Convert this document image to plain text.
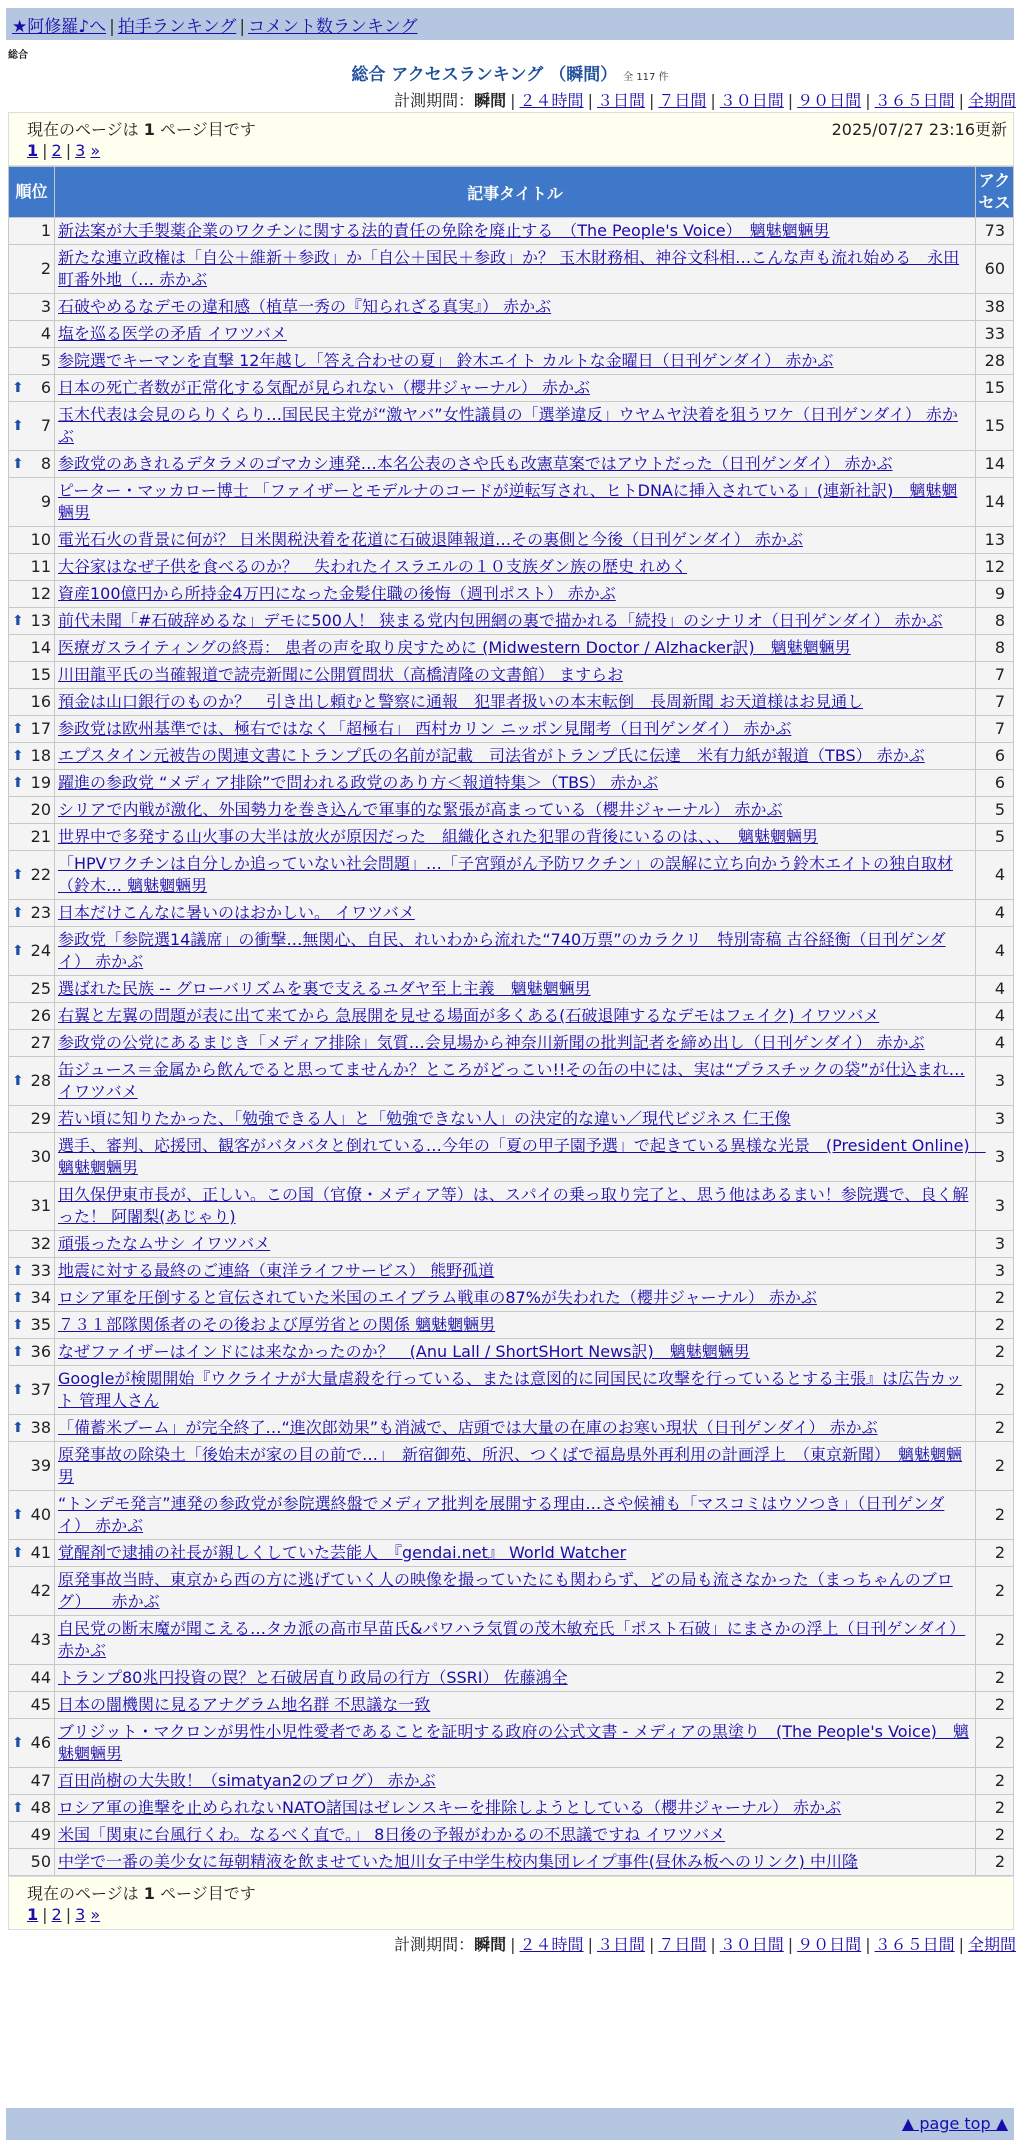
★阿修羅♪へ | 拍手ランキング | コメント数ランキング
総合
総合 アクセスランキング （瞬間） 全 117 件
計測期間：瞬間 | ２４時間 | ３日間 | ７日間 | ３０日間 | ９０日間 | ３６５日間 | 全期間
現在のページは 1 ページ目です	2025/07/27 23:16更新
1 | 2 | 3 »
順位	記事タイトル	アクセス
1	新法案が大手製薬企業のワクチンに関する法的責任の免除を廃止する　（The People's Voice）　魑魅魍魎男	73
2	新たな連立政権は「自公＋維新＋参政」か「自公＋国民＋参政」か？ 玉木財務相、神谷文科相…こんな声も流れ始める　永田町番外地（… 赤かぶ	60
3	石破やめるなデモの違和感（植草一秀の『知られざる真実』） 赤かぶ	38
4	塩を巡る医学の矛盾 イワツバメ	33
5	参院選でキーマンを直撃 12年越し「答え合わせの夏」 鈴木エイト カルトな金曜日（日刊ゲンダイ） 赤かぶ	28

⬆ 6	日本の死亡者数が正常化する気配が見られない（櫻井ジャーナル） 赤かぶ	15

⬆ 7	玉木代表は会見のらりくらり…国民民主党が“激ヤバ”女性議員の「選挙違反」ウヤムヤ決着を狙うワケ（日刊ゲンダイ） 赤かぶ	15

⬆ 8	参政党のあきれるデタラメのゴマカシ連発…本名公表のさや氏も改憲草案ではアウトだった（日刊ゲンダイ） 赤かぶ	14
9	ピーター・マッカロー博士 「ファイザーとモデルナのコードが逆転写され、ヒトDNAに挿入されている」(連新社訳)　魑魅魍魎男	14
10	電光石火の背景に何が？ 日米関税決着を花道に石破退陣報道…その裏側と今後（日刊ゲンダイ） 赤かぶ	13
11	大谷家はなぜ子供を食べるのか？　失われたイスラエルの１０支族ダン族の歴史 れめく	12
12	資産100億円から所持金4万円になった金髪住職の後悔（週刊ポスト） 赤かぶ	9

⬆ 13	前代未聞「#石破辞めるな」デモに500人！ 狭まる党内包囲網の裏で描かれる「続投」のシナリオ（日刊ゲンダイ） 赤かぶ	8
14	医療ガスライティングの終焉： 患者の声を取り戻すために (Midwestern Doctor / Alzhacker訳)　魑魅魍魎男	8
15	川田龍平氏の当確報道で読売新聞に公開質問状（高橋清隆の文書館） ますらお	7
16	預金は山口銀行のものか？　引き出し頼むと警察に通報　犯罪者扱いの本末転倒　長周新聞 お天道様はお見通し	7

⬆ 17	参政党は欧州基準では、極右ではなく「超極右」 西村カリン ニッポン見聞考（日刊ゲンダイ） 赤かぶ	7

⬆ 18	エプスタイン元被告の関連文書にトランプ氏の名前が記載　司法省がトランプ氏に伝達　米有力紙が報道（TBS） 赤かぶ	6

⬆ 19	躍進の参政党 “メディア排除”で問われる政党のあり方＜報道特集＞（TBS） 赤かぶ	6
20	シリアで内戦が激化、外国勢力を巻き込んで軍事的な緊張が高まっている（櫻井ジャーナル） 赤かぶ	5
21	世界中で多発する山火事の大半は放火が原因だった　組織化された犯罪の背後にいるのは、、、　魑魅魍魎男	5

⬆ 22	「HPVワクチンは自分しか追っていない社会問題」…「子宮頸がん予防ワクチン」の誤解に立ち向かう鈴木エイトの独自取材（鈴木… 魑魅魍魎男	4

⬆ 23	日本だけこんなに暑いのはおかしい。 イワツバメ	4

⬆ 24	参政党「参院選14議席」の衝撃…無関心、自民、れいわから流れた“740万票”のカラクリ　特別寄稿 古谷経衡（日刊ゲンダイ） 赤かぶ	4
25	選ばれた民族 -- グローバリズムを裏で支えるユダヤ至上主義　魑魅魍魎男	4
26	右翼と左翼の問題が表に出て来てから 急展開を見せる場面が多くある(石破退陣するなデモはフェイク) イワツバメ	4
27	参政党の公党にあるまじき「メディア排除」気質…会見場から神奈川新聞の批判記者を締め出し（日刊ゲンダイ） 赤かぶ	4

⬆ 28	缶ジュース＝金属から飲んでると思ってませんか？ところがどっこい!!その缶の中には、実は“プラスチックの袋”が仕込まれ… イワツバメ	3
29	若い頃に知りたかった、「勉強できる人」と「勉強できない人」の決定的な違い／現代ビジネス 仁王像	3
30	選手、審判、応援団、観客がバタバタと倒れている…今年の「夏の甲子園予選」で起きている異様な光景　(President Online)　魑魅魍魎男	3
31	田久保伊東市長が、正しい。この国（官僚・メディア等）は、スパイの乗っ取り完了と、思う他はあるまい！参院選で、良く解った！ 阿闍梨(あじゃり)	3
32	頑張ったなムサシ イワツバメ	3

⬆ 33	地震に対する最終のご連絡（東洋ライフサービス） 熊野孤道	3

⬆ 34	ロシア軍を圧倒すると宣伝されていた米国のエイブラム戦車の87%が失われた（櫻井ジャーナル） 赤かぶ	2

⬆ 35	７３１部隊関係者のその後および厚労省との関係 魑魅魍魎男	2

⬆ 36	なぜファイザーはインドには来なかったのか？　(Anu Lall / ShortSHort News訳)　魑魅魍魎男	2

⬆ 37	Googleが検閲開始『ウクライナが大量虐殺を行っている、または意図的に同国民に攻撃を行っているとする主張』は広告カット 管理人さん	2

⬆ 38	「備蓄米ブーム」が完全終了…“進次郎効果”も消滅で、店頭では大量の在庫のお寒い現状（日刊ゲンダイ） 赤かぶ	2
39	原発事故の除染土「後始末が家の目の前で…」　新宿御苑、所沢、つくばで福島県外再利用の計画浮上　（東京新聞）　魑魅魍魎男	2

⬆ 40	“トンデモ発言”連発の参政党が参院選終盤でメディア批判を展開する理由…さや候補も「マスコミはウソつき」（日刊ゲンダイ） 赤かぶ	2

⬆ 41	覚醒剤で逮捕の社長が親しくしていた芸能人　『gendai.net』 World Watcher	2
42	原発事故当時、東京から西の方に逃げていく人の映像を撮っていたにも関わらず、どの局も流さなかった（まっちゃんのブログ） 　赤かぶ	2
43	自民党の断末魔が聞こえる…タカ派の高市早苗氏&パワハラ気質の茂木敏充氏「ポスト石破」にまさかの浮上（日刊ゲンダイ） 赤かぶ	2
44	トランプ80兆円投資の罠？と石破居直り政局の行方（SSRI） 佐藤鴻全	2
45	日本の闇機関に見るアナグラム地名群 不思議な一致	2

⬆ 46	ブリジット・マクロンが男性小児性愛者であることを証明する政府の公式文書 - メディアの黒塗り　(The People's Voice)　魑魅魍魎男	2
47	百田尚樹の大失敗！（simatyan2のブログ） 赤かぶ	2

⬆ 48	ロシア軍の進撃を止められないNATO諸国はゼレンスキーを排除しようとしている（櫻井ジャーナル） 赤かぶ	2
49	米国「関東に台風行くわ。なるべく直で。」 8日後の予報がわかるの不思議ですね イワツバメ	2
50	中学で一番の美少女に毎朝精液を飲ませていた旭川女子中学生校内集団レイプ事件(昼休み板へのリンク) 中川隆	2
現在のページは 1 ページ目です
1 | 2 | 3 »
計測期間：瞬間 | ２４時間 | ３日間 | ７日間 | ３０日間 | ９０日間 | ３６５日間 | 全期間
▲ page top ▲
